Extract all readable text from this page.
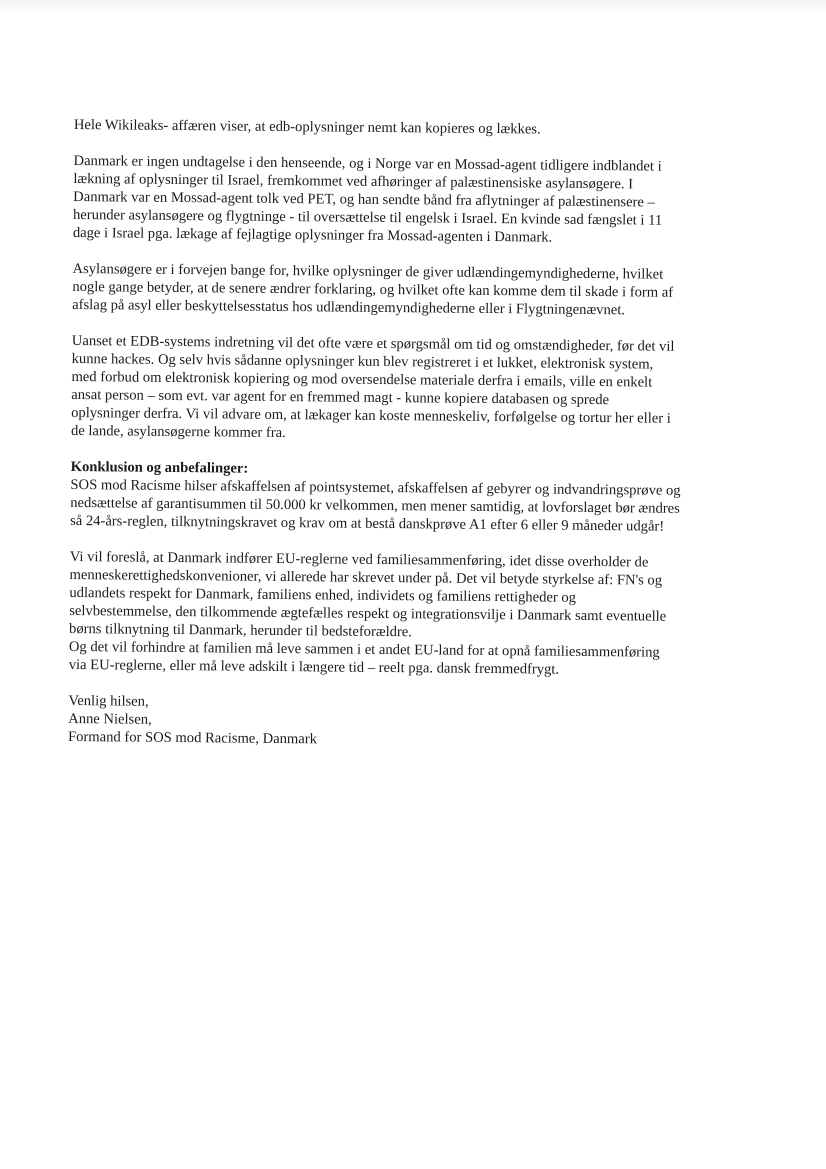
Hele Wikileaks- affæren viser, at edb-oplysninger nemt kan kopieres og lækkes.

Danmark er ingen undtagelse i den henseende, og i Norge var en Mossad-agent tidligere indblandet i
lækning af oplysninger til Israel, fremkommet ved afhøringer af palæstinensiske asylansøgere. I
Danmark var en Mossad-agent tolk ved PET, og han sendte bånd fra aflytninger af palæstinensere –
herunder asylansøgere og flygtninge - til oversættelse til engelsk i Israel. En kvinde sad fængslet i 11
dage i Israel pga. lækage af fejlagtige oplysninger fra Mossad-agenten i Danmark.

Asylansøgere er i forvejen bange for, hvilke oplysninger de giver udlændingemyndighederne, hvilket
nogle gange betyder, at de senere ændrer forklaring, og hvilket ofte kan komme dem til skade i form af
afslag på asyl eller beskyttelsesstatus hos udlændingemyndighederne eller i Flygtningenævnet.

Uanset et EDB-systems indretning vil det ofte være et spørgsmål om tid og omstændigheder, før det vil
kunne hackes. Og selv hvis sådanne oplysninger kun blev registreret i et lukket, elektronisk system,
med forbud om elektronisk kopiering og mod oversendelse materiale derfra i emails, ville en enkelt
ansat person – som evt. var agent for en fremmed magt - kunne kopiere databasen og sprede
oplysninger derfra. Vi vil advare om, at lækager kan koste menneskeliv, forfølgelse og tortur her eller i
de lande, asylansøgerne kommer fra.

Konklusion og anbefalinger:
SOS mod Racisme hilser afskaffelsen af pointsystemet, afskaffelsen af gebyrer og indvandringsprøve og
nedsættelse af garantisummen til 50.000 kr velkommen, men mener samtidig, at lovforslaget bør ændres
så 24-års-reglen, tilknytningskravet og krav om at bestå danskprøve A1 efter 6 eller 9 måneder udgår!

Vi vil foreslå, at Danmark indfører EU-reglerne ved familiesammenføring, idet disse overholder de
menneskerettighedskonvenioner, vi allerede har skrevet under på. Det vil betyde styrkelse af: FN's og
udlandets respekt for Danmark, familiens enhed, individets og familiens rettigheder og
selvbestemmelse, den tilkommende ægtefælles respekt og integrationsvilje i Danmark samt eventuelle
børns tilknytning til Danmark, herunder til bedsteforældre.
Og det vil forhindre at familien må leve sammen i et andet EU-land for at opnå familiesammenføring
via EU-reglerne, eller må leve adskilt i længere tid – reelt pga. dansk fremmedfrygt.

Venlig hilsen,
Anne Nielsen,
Formand for SOS mod Racisme, Danmark
